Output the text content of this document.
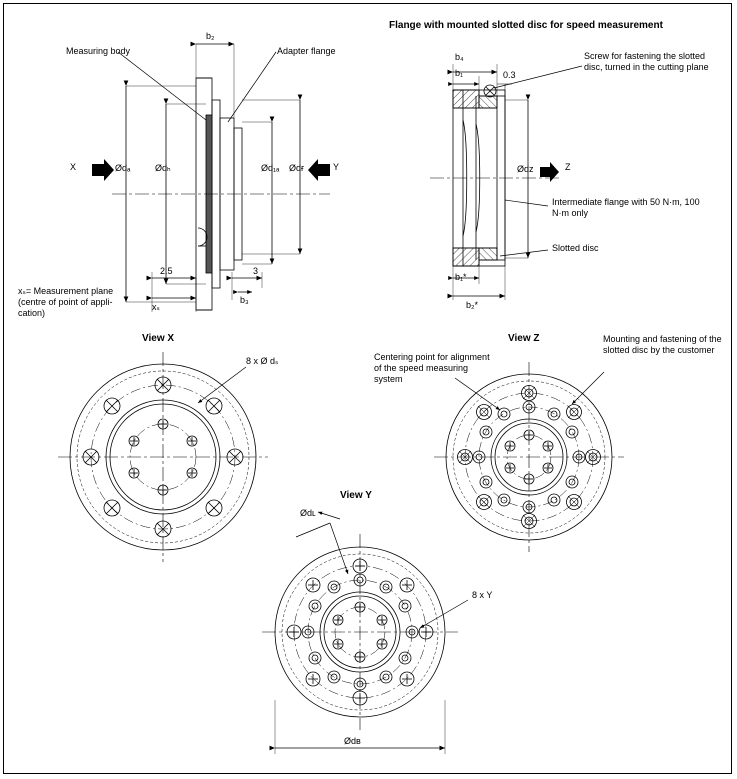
Flange with mounted slotted disc for speed measurement
Measuring body	Adapter flange
b₂
Ødₐ	Ødₕ	Ød₁ₐ Ødғ
2.5
xₛ
3
b₃
X	Y	Z
xₛ= Measurement plane (centre of point of appli- cation)
b₄
b₁	0.3
Ødᴢ
b₁*
b₂*
Screw for fastening the slotted disc, turned in the cutting plane
Intermediate flange with 50 N·m, 100 N·m only
Slotted disc
View X
8 x Ø dₛ
View Z
Centering point for alignment of the speed measuring system
Mounting and fastening of the slotted disc by the customer
View Y
Ødʟ
8 x Y
Ødв
